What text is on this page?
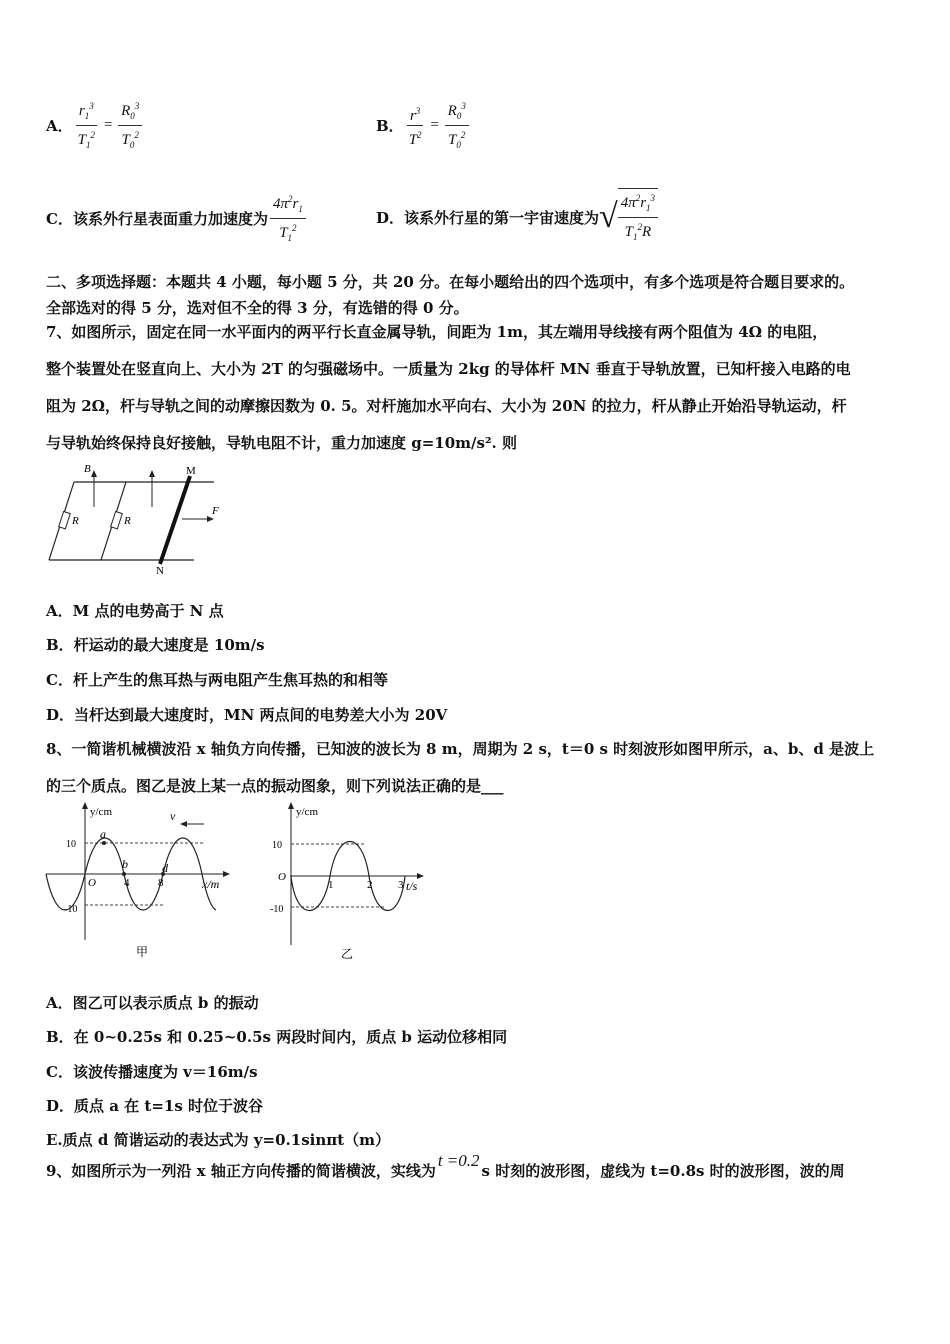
A． $\frac{r_1^3}{T_1^2} = \frac{R_0^3}{T_0^2}$	B． $\frac{r^3}{T^2} = \frac{R_0^3}{T_0^2}$
C．该系外行星表面重力加速度为 $\frac{4\pi^2r_1}{T_1^2}$	D．该系外行星的第一宇宙速度为 √ $\frac{4\pi^2r_1^3}{T_1^2R}$
二、多项选择题：本题共 4 小题，每小题 5 分，共 20 分。在每小题给出的四个选项中，有多个选项是符合题目要求的。
全部选对的得 5 分，选对但不全的得 3 分，有选错的得 0 分。
7、如图所示，固定在同一水平面内的两平行长直金属导轨，间距为 1m，其左端用导线接有两个阻值为 4Ω 的电阻，
整个装置处在竖直向上、大小为 2T 的匀强磁场中。一质量为 2kg 的导体杆 MN 垂直于导轨放置，已知杆接入电路的电
阻为 2Ω，杆与导轨之间的动摩擦因数为 0. 5。对杆施加水平向右、大小为 20N 的拉力，杆从静止开始沿导轨运动，杆
与导轨始终保持良好接触，导轨电阻不计，重力加速度 g=10m/s². 则
R	R
B	M
N
F
A．M 点的电势高于 N 点
B．杆运动的最大速度是 10m/s
C．杆上产生的焦耳热与两电阻产生焦耳热的和相等
D．当杆达到最大速度时，MN 两点间的电势差大小为 20V
8、一简谐机械横波沿 x 轴负方向传播，已知波的波长为 8 m，周期为 2 s，t＝0 s 时刻波形如图甲所示，a、b、d 是波上
的三个质点。图乙是波上某一点的振动图象，则下列说法正确的是___
y/cm
x/m
10
-10
O
a
b	d
4	8
v
甲
y/cm
t/s
10
-10
O
1	2 3
乙
A．图乙可以表示质点 b 的振动
B．在 0~0.25s 和 0.25~0.5s 两段时间内，质点 b 运动位移相同
C．该波传播速度为 v＝16m/s
D．质点 a 在 t=1s 时位于波谷
E.质点 d 简谐运动的表达式为 y=0.1sinπt（m）
9、如图所示为一列沿 x 轴正方向传播的简谐横波，实线为
t =0.2
s 时刻的波形图，虚线为 t=0.8s 时的波形图，波的周
